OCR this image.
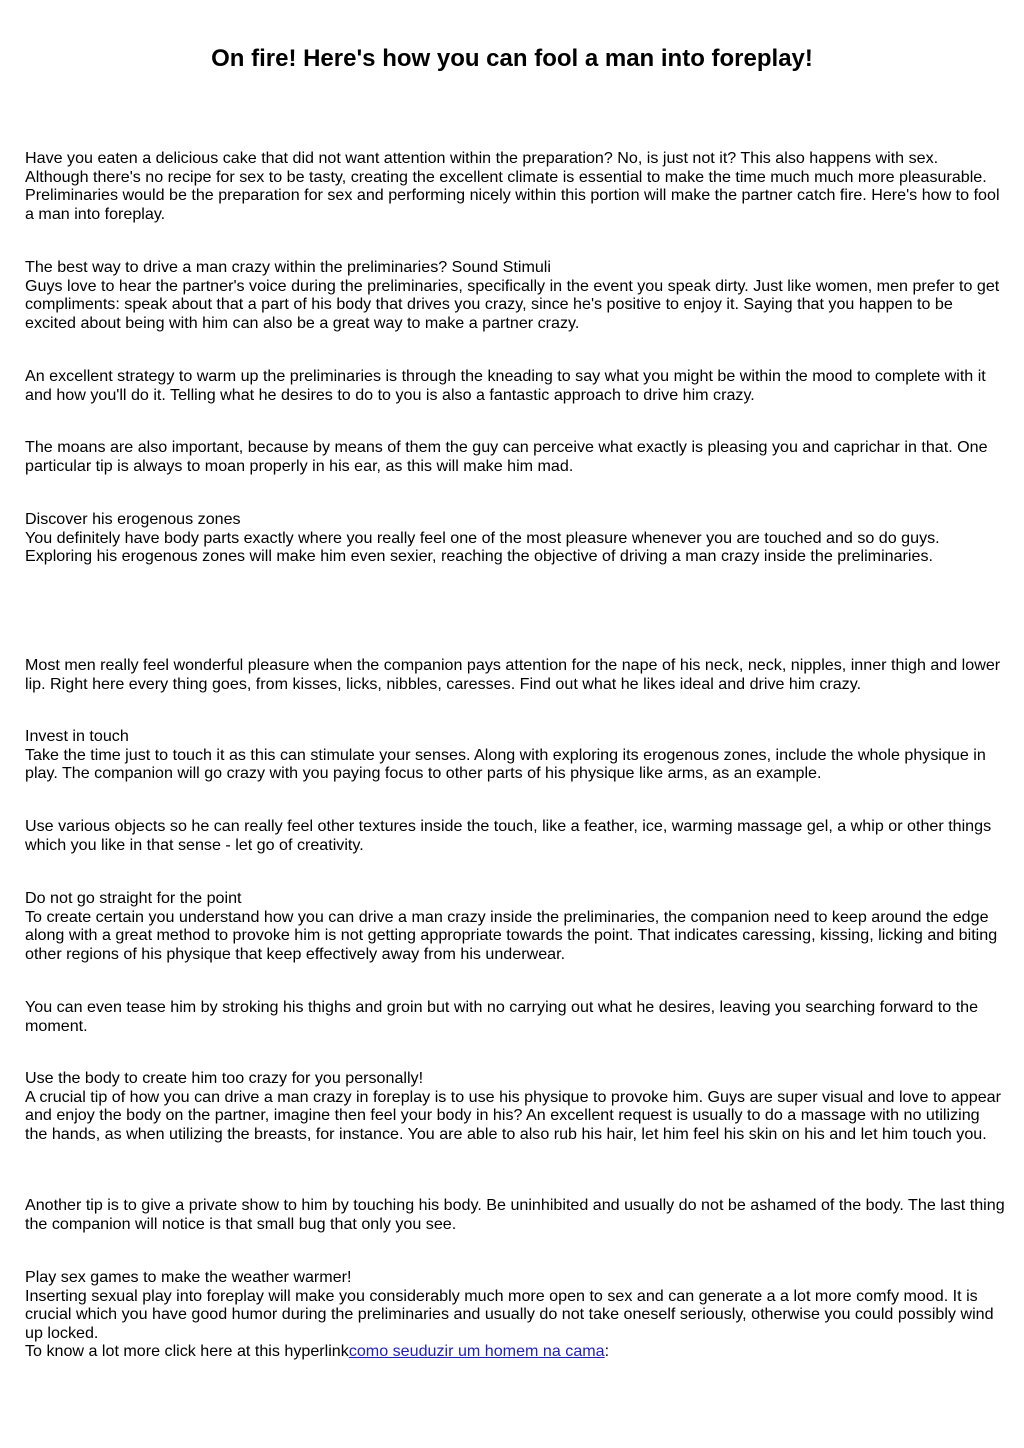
On fire! Here's how you can fool a man into foreplay!

Have you eaten a delicious cake that did not want attention within the preparation? No, is just not it? This also happens with sex. Although there's no recipe for sex to be tasty, creating the excellent climate is essential to make the time much much more pleasurable. Preliminaries would be the preparation for sex and performing nicely within this portion will make the partner catch fire. Here's how to fool a man into foreplay.

The best way to drive a man crazy within the preliminaries? Sound Stimuli
Guys love to hear the partner's voice during the preliminaries, specifically in the event you speak dirty. Just like women, men prefer to get compliments: speak about that a part of his body that drives you crazy, since he's positive to enjoy it. Saying that you happen to be excited about being with him can also be a great way to make a partner crazy.

An excellent strategy to warm up the preliminaries is through the kneading to say what you might be within the mood to complete with it and how you'll do it. Telling what he desires to do to you is also a fantastic approach to drive him crazy.

The moans are also important, because by means of them the guy can perceive what exactly is pleasing you and caprichar in that. One particular tip is always to moan properly in his ear, as this will make him mad.

Discover his erogenous zones
You definitely have body parts exactly where you really feel one of the most pleasure whenever you are touched and so do guys. Exploring his erogenous zones will make him even sexier, reaching the objective of driving a man crazy inside the preliminaries.

Most men really feel wonderful pleasure when the companion pays attention for the nape of his neck, neck, nipples, inner thigh and lower lip. Right here every thing goes, from kisses, licks, nibbles, caresses. Find out what he likes ideal and drive him crazy.

Invest in touch
Take the time just to touch it as this can stimulate your senses. Along with exploring its erogenous zones, include the whole physique in play. The companion will go crazy with you paying focus to other parts of his physique like arms, as an example.

Use various objects so he can really feel other textures inside the touch, like a feather, ice, warming massage gel, a whip or other things which you like in that sense - let go of creativity.

Do not go straight for the point
To create certain you understand how you can drive a man crazy inside the preliminaries, the companion need to keep around the edge along with a great method to provoke him is not getting appropriate towards the point. That indicates caressing, kissing, licking and biting other regions of his physique that keep effectively away from his underwear.

You can even tease him by stroking his thighs and groin but with no carrying out what he desires, leaving you searching forward to the moment.

Use the body to create him too crazy for you personally!
A crucial tip of how you can drive a man crazy in foreplay is to use his physique to provoke him. Guys are super visual and love to appear and enjoy the body on the partner, imagine then feel your body in his? An excellent request is usually to do a massage with no utilizing the hands, as when utilizing the breasts, for instance. You are able to also rub his hair, let him feel his skin on his and let him touch you.

Another tip is to give a private show to him by touching his body. Be uninhibited and usually do not be ashamed of the body. The last thing the companion will notice is that small bug that only you see.

Play sex games to make the weather warmer!
Inserting sexual play into foreplay will make you considerably much more open to sex and can generate a a lot more comfy mood. It is crucial which you have good humor during the preliminaries and usually do not take oneself seriously, otherwise you could possibly wind up locked.
To know a lot more click here at this hyperlinkcomo seuduzir um homem na cama:
